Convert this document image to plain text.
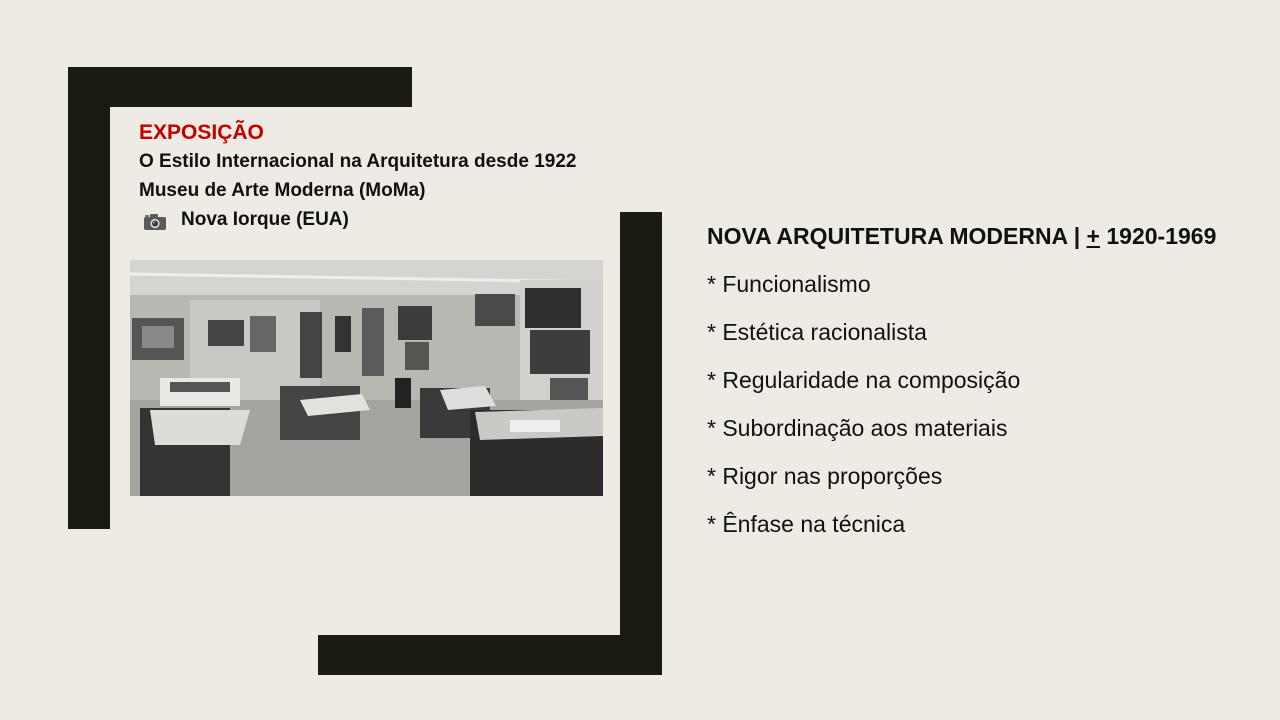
EXPOSIÇÃO
O Estilo Internacional na Arquitetura desde 1922
Museu de Arte Moderna (MoMa)
Nova Iorque (EUA)
NOVA ARQUITETURA MODERNA | + 1920-1969
* Funcionalismo
* Estética racionalista
* Regularidade na composição
* Subordinação aos materiais
* Rigor nas proporções
* Ênfase na técnica
